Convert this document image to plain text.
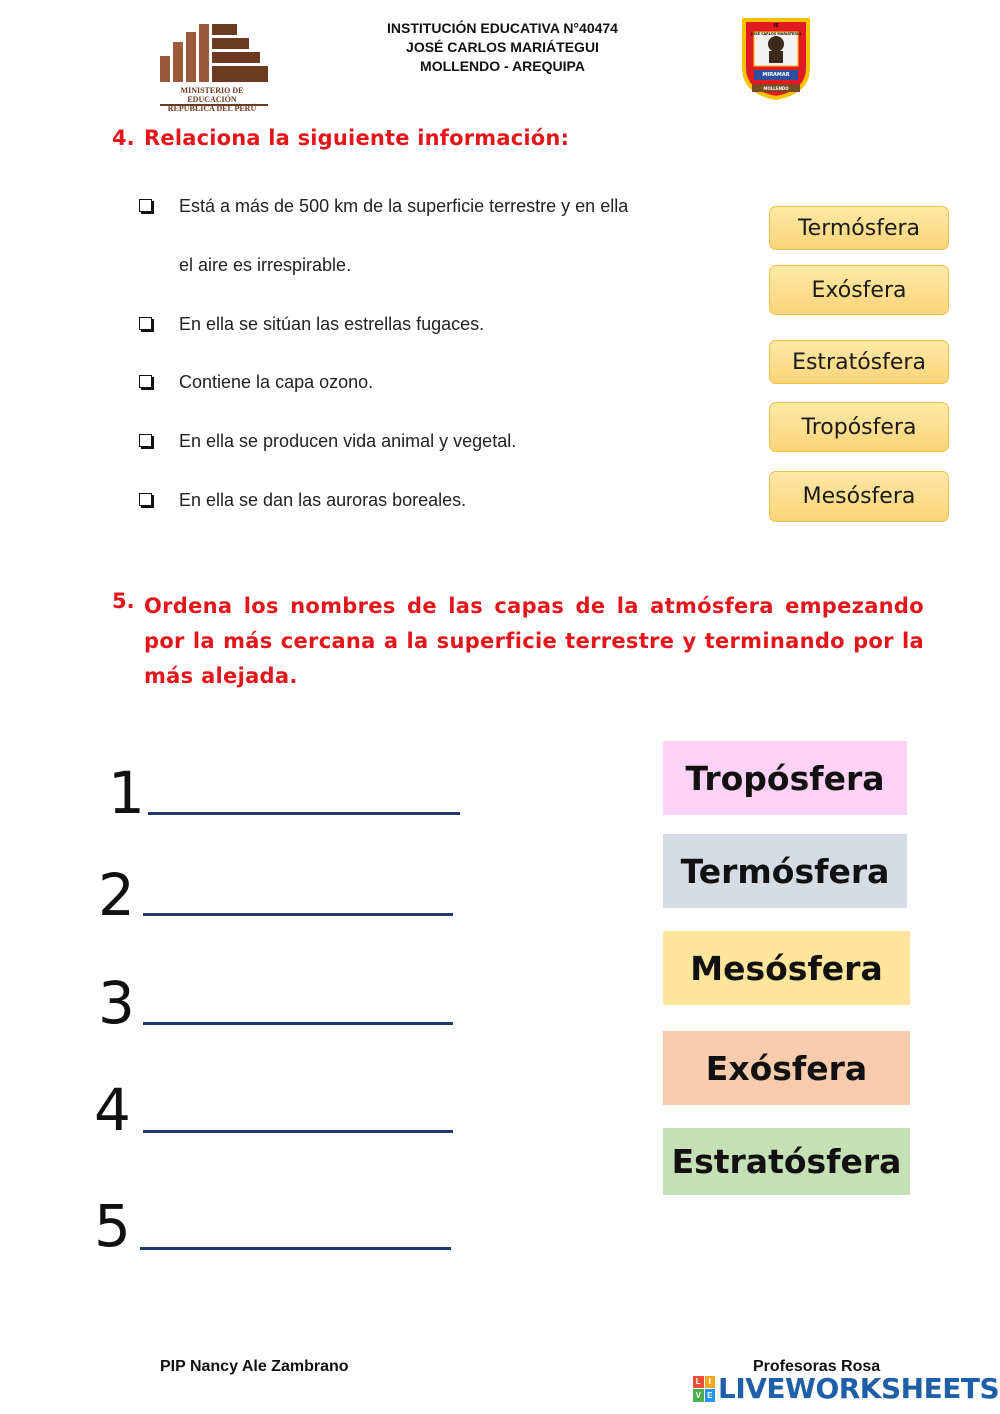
MINISTERIO DE EDUCACIÓN
REPUBLICA DEL PERÚ
INSTITUCIÓN EDUCATIVA N°40474
JOSÉ CARLOS MARIÁTEGUI
MOLLENDO - AREQUIPA
IE
JOSÉ CARLOS MARIÁTEGUI
MIRAMAR
MOLLENDO
4. Relaciona la siguiente información:
Está a más de 500 km de la superficie terrestre y en ella
el aire es irrespirable.
En ella se sitúan las estrellas fugaces.
Contiene la capa ozono.
En ella se producen vida animal y vegetal.
En ella se dan las auroras boreales.
Termósfera
Exósfera
Estratósfera
Tropósfera
Mesósfera
5. Ordena los nombres de las capas de la atmósfera empezando por la más cercana a la superficie terrestre y terminando por la más alejada.
1
2
3
4
5
Tropósfera
Termósfera
Mesósfera
Exósfera
Estratósfera
PIP Nancy Ale Zambrano	Profesoras Rosa
L I
V E LIVEWORKSHEETS
